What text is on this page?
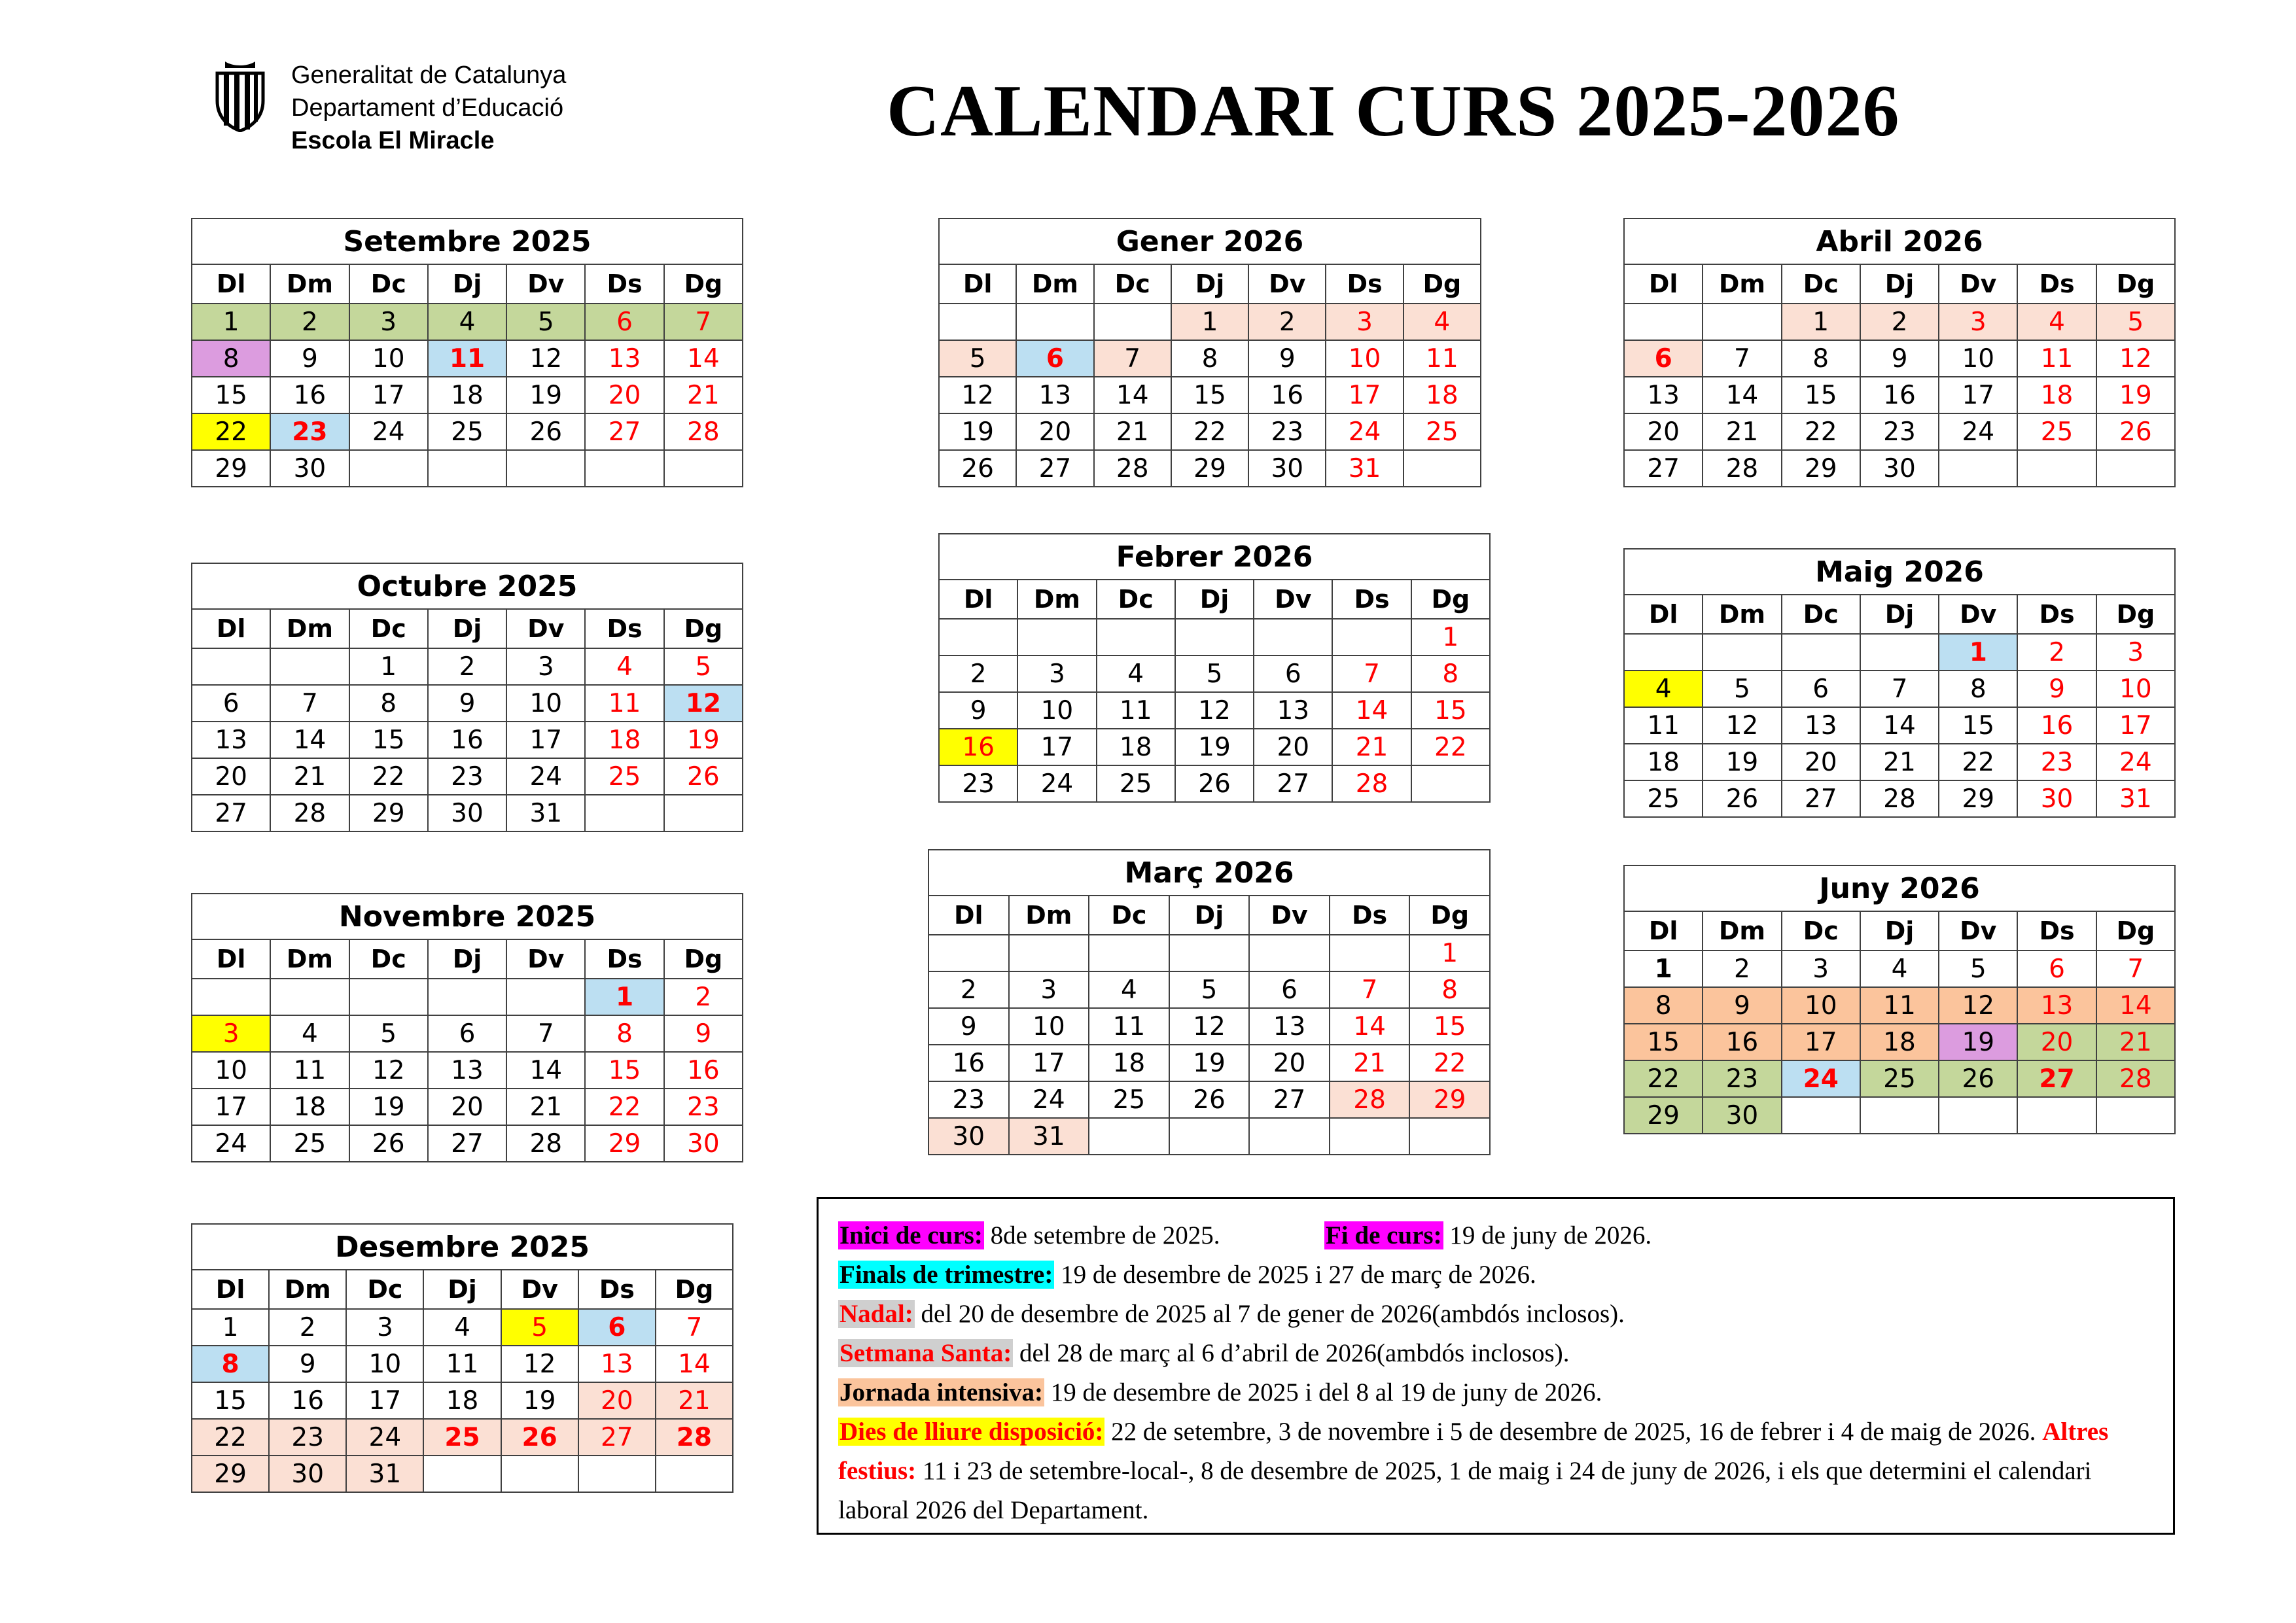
Generalitat de Catalunya
Departament d’Educació
Escola El Miracle	CALENDARI CURS 2025-2026
Setembre 2025						
Dl	Dm	Dc	Dj	Dv	Ds	Dg
1	2	3	4	5	6	7
8	9	10	11	12	13	14
15	16	17	18	19	20	21
22	23	24	25	26	27	28
29	30					
Octubre 2025						
Dl	Dm	Dc	Dj	Dv	Ds	Dg
		1	2	3	4	5
6	7	8	9	10	11	12
13	14	15	16	17	18	19
20	21	22	23	24	25	26
27	28	29	30	31		
Novembre 2025						
Dl	Dm	Dc	Dj	Dv	Ds	Dg
					1	2
3	4	5	6	7	8	9
10	11	12	13	14	15	16
17	18	19	20	21	22	23
24	25	26	27	28	29	30
Desembre 2025						
Dl	Dm	Dc	Dj	Dv	Ds	Dg
1	2	3	4	5	6	7
8	9	10	11	12	13	14
15	16	17	18	19	20	21
22	23	24	25	26	27	28
29	30	31				
Gener 2026						
Dl	Dm	Dc	Dj	Dv	Ds	Dg
			1	2	3	4
5	6	7	8	9	10	11
12	13	14	15	16	17	18
19	20	21	22	23	24	25
26	27	28	29	30	31	
Febrer 2026						
Dl	Dm	Dc	Dj	Dv	Ds	Dg
						1
2	3	4	5	6	7	8
9	10	11	12	13	14	15
16	17	18	19	20	21	22
23	24	25	26	27	28	
Març 2026						
Dl	Dm	Dc	Dj	Dv	Ds	Dg
						1
2	3	4	5	6	7	8
9	10	11	12	13	14	15
16	17	18	19	20	21	22
23	24	25	26	27	28	29
30	31					
Abril 2026						
Dl	Dm	Dc	Dj	Dv	Ds	Dg
		1	2	3	4	5
6	7	8	9	10	11	12
13	14	15	16	17	18	19
20	21	22	23	24	25	26
27	28	29	30			
Maig 2026						
Dl	Dm	Dc	Dj	Dv	Ds	Dg
				1	2	3
4	5	6	7	8	9	10
11	12	13	14	15	16	17
18	19	20	21	22	23	24
25	26	27	28	29	30	31
Juny 2026						
Dl	Dm	Dc	Dj	Dv	Ds	Dg
1	2	3	4	5	6	7
8	9	10	11	12	13	14
15	16	17	18	19	20	21
22	23	24	25	26	27	28
29	30					

Inici de curs: 8de setembre de 2025.	Fi de curs: 19 de juny de 2026.

Finals de trimestre: 19 de desembre de 2025 i 27 de març de 2026.

Nadal: del 20 de desembre de 2025 al 7 de gener de 2026(ambdós inclosos).

Setmana Santa: del 28 de març al 6 d’abril de 2026(ambdós inclosos).

Jornada intensiva: 19 de desembre de 2025 i del 8 al 19 de juny de 2026.

Dies de lliure disposició: 22 de setembre, 3 de novembre i 5 de desembre de 2025, 16 de febrer i 4 de maig de 2026. Altres festius: 11 i 23 de setembre-local-, 8 de desembre de 2025, 1 de maig i 24 de juny de 2026, i els que determini el calendari laboral 2026 del Departament.
